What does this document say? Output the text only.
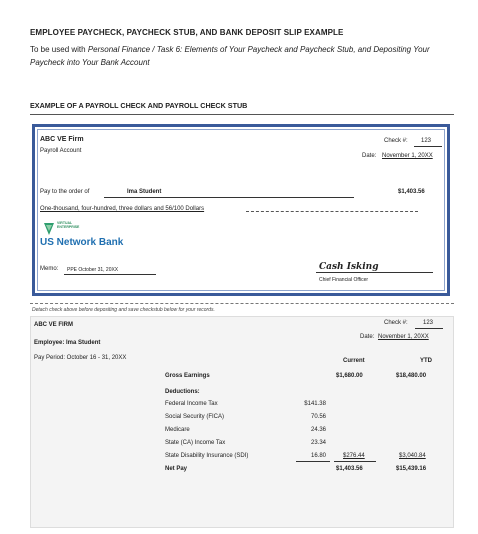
EMPLOYEE PAYCHECK, PAYCHECK STUB, AND BANK DEPOSIT SLIP EXAMPLE
To be used with Personal Finance / Task 6: Elements of Your Paycheck and Paycheck Stub, and Depositing Your
Paycheck into Your Bank Account
EXAMPLE OF A PAYROLL CHECK AND PAYROLL CHECK STUB
ABC VE Firm
Payroll Account
Check #: 123
Date: November 1, 20XX
Pay to the order of	Ima Student	$1,403.56
One-thousand, four-hundred, three dollars and 56/100 Dollars
VIRTUAL
ENTERPRISE
US Network Bank
Memo: PPE October 31, 20XX	Cash Isking
Chief Financial Officer
Detach check above before depositing and save checkstub below for your records.
ABC VE FIRM	Check #:	123
Date: November 1, 20XX
Employee: Ima Student
Pay Period: October 16 - 31, 20XX	Current	YTD
Gross Earnings	$1,680.00	$18,480.00
Deductions:
Federal Income Tax	$141.38
Social Security (FICA)	70.56
Medicare	24.36
State (CA) Income Tax	23.34
State Disability Insurance (SDI)	16.80	$276.44	$3,040.84
Net Pay	$1,403.56	$15,439.16
